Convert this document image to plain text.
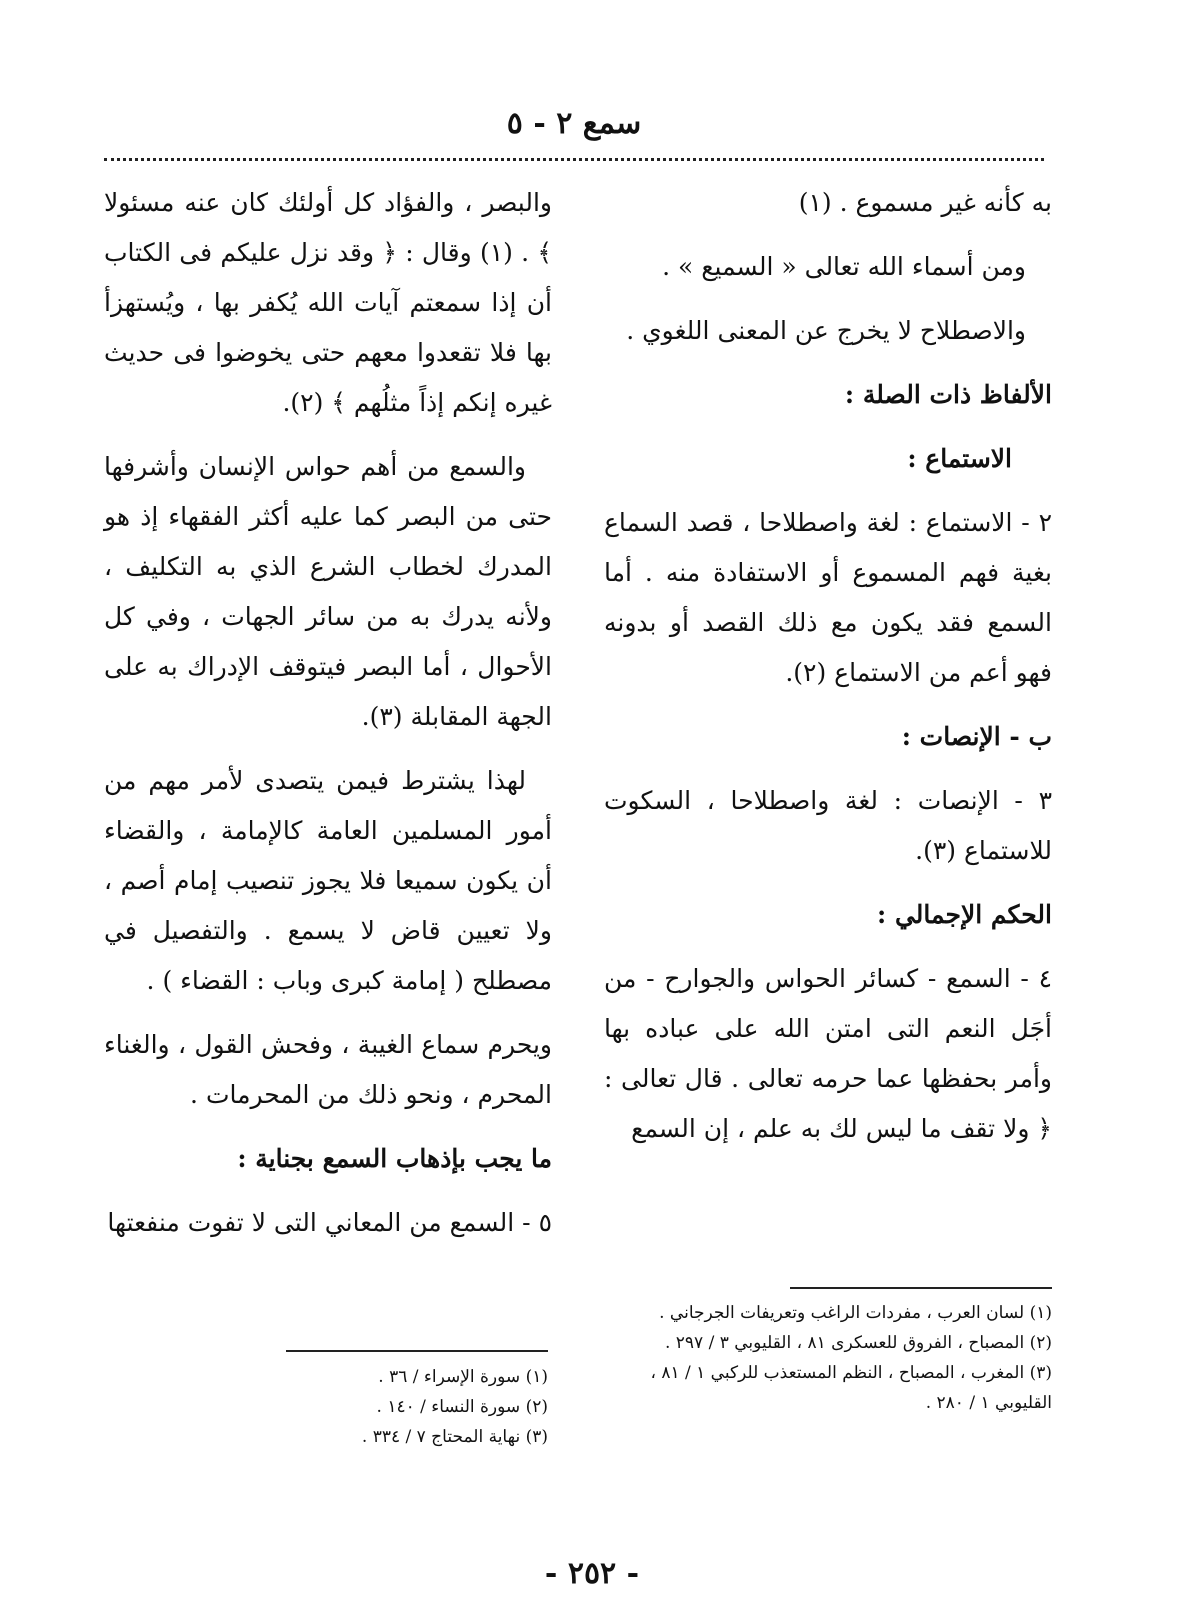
سمع ٢ - ٥

به كأنه غير مسموع . (١)

ومن أسماء الله تعالى « السميع » .

والاصطلاح لا يخرج عن المعنى اللغوي .

الألفاظ ذات الصلة :

الاستماع :

٢ - الاستماع : لغة واصطلاحا ، قصد السماع بغية فهم المسموع أو الاستفادة منه . أما السمع فقد يكون مع ذلك القصد أو بدونه فهو أعم من الاستماع (٢).

ب - الإنصات :

٣ - الإنصات : لغة واصطلاحا ، السكوت للاستماع (٣).

الحكم الإجمالي :

٤ - السمع - كسائر الحواس والجوارح - من أجَل النعم التى امتن الله على عباده بها وأمر بحفظها عما حرمه تعالى . قال تعالى : ﴿ ولا تقف ما ليس لك به علم ، إن السمع

والبصر ، والفؤاد كل أولئك كان عنه مسئولا ﴾ . (١) وقال : ﴿ وقد نزل عليكم فى الكتاب أن إذا سمعتم آيات الله يُكفر بها ، ويُستهزأ بها فلا تقعدوا معهم حتى يخوضوا فى حديث غيره إنكم إذاً مثلُهم ﴾ (٢).

والسمع من أهم حواس الإنسان وأشرفها حتى من البصر كما عليه أكثر الفقهاء إذ هو المدرك لخطاب الشرع الذي به التكليف ، ولأنه يدرك به من سائر الجهات ، وفي كل الأحوال ، أما البصر فيتوقف الإدراك به على الجهة المقابلة (٣).

لهذا يشترط فيمن يتصدى لأمر مهم من أمور المسلمين العامة كالإمامة ، والقضاء أن يكون سميعا فلا يجوز تنصيب إمام أصم ، ولا تعيين قاض لا يسمع . والتفصيل في مصطلح ( إمامة كبرى وباب : القضاء ) .

ويحرم سماع الغيبة ، وفحش القول ، والغناء المحرم ، ونحو ذلك من المحرمات .

ما يجب بإذهاب السمع بجناية :

٥ - السمع من المعاني التى لا تفوت منفعتها

(١) لسان العرب ، مفردات الراغب وتعريفات الجرجاني .
(٢) المصباح ، الفروق للعسكرى ٨١ ، القليوبي ٣ / ٢٩٧ .
(٣) المغرب ، المصباح ، النظم المستعذب للركبي ١ / ٨١ ، القليوبي ١ / ٢٨٠ .
(١) سورة الإسراء / ٣٦ .
(٢) سورة النساء / ١٤٠ .
(٣) نهاية المحتاج ٧ / ٣٣٤ .
- ٢٥٢ -
